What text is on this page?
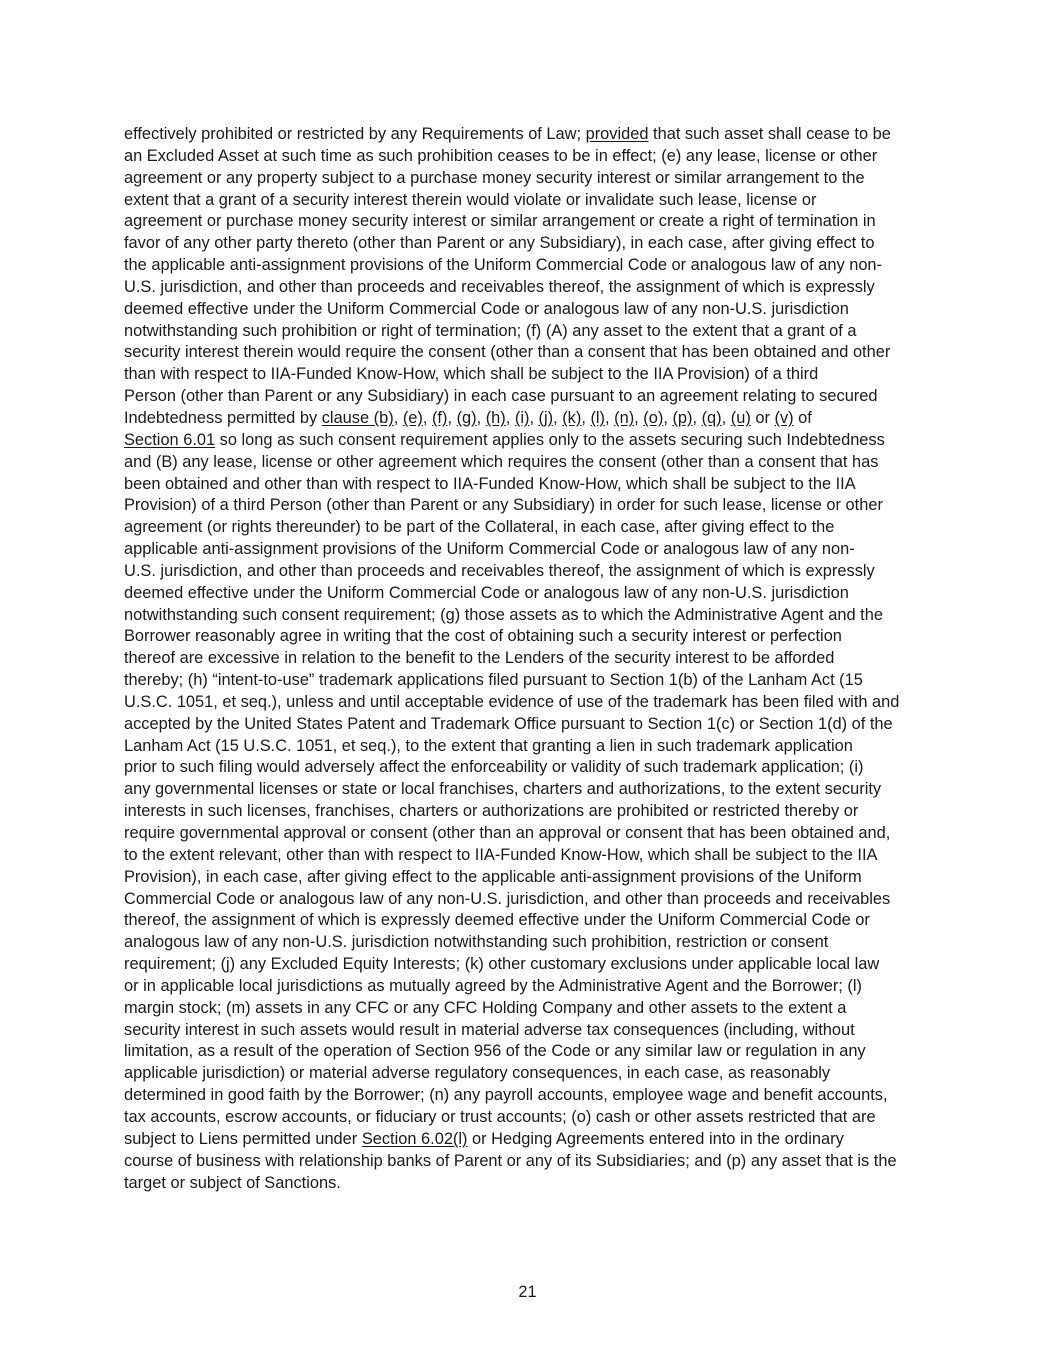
effectively prohibited or restricted by any Requirements of Law; provided that such asset shall cease to be
an Excluded Asset at such time as such prohibition ceases to be in effect; (e) any lease, license or other
agreement or any property subject to a purchase money security interest or similar arrangement to the
extent that a grant of a security interest therein would violate or invalidate such lease, license or
agreement or purchase money security interest or similar arrangement or create a right of termination in
favor of any other party thereto (other than Parent or any Subsidiary), in each case, after giving effect to
the applicable anti-assignment provisions of the Uniform Commercial Code or analogous law of any non-
U.S. jurisdiction, and other than proceeds and receivables thereof, the assignment of which is expressly
deemed effective under the Uniform Commercial Code or analogous law of any non-U.S. jurisdiction
notwithstanding such prohibition or right of termination; (f) (A) any asset to the extent that a grant of a
security interest therein would require the consent (other than a consent that has been obtained and other
than with respect to IIA-Funded Know-How, which shall be subject to the IIA Provision) of a third
Person (other than Parent or any Subsidiary) in each case pursuant to an agreement relating to secured
Indebtedness permitted by clause (b), (e), (f), (g), (h), (i), (j), (k), (l), (n), (o), (p), (q), (u) or (v) of
Section 6.01 so long as such consent requirement applies only to the assets securing such Indebtedness
and (B) any lease, license or other agreement which requires the consent (other than a consent that has
been obtained and other than with respect to IIA-Funded Know-How, which shall be subject to the IIA
Provision) of a third Person (other than Parent or any Subsidiary) in order for such lease, license or other
agreement (or rights thereunder) to be part of the Collateral, in each case, after giving effect to the
applicable anti-assignment provisions of the Uniform Commercial Code or analogous law of any non-
U.S. jurisdiction, and other than proceeds and receivables thereof, the assignment of which is expressly
deemed effective under the Uniform Commercial Code or analogous law of any non-U.S. jurisdiction
notwithstanding such consent requirement; (g) those assets as to which the Administrative Agent and the
Borrower reasonably agree in writing that the cost of obtaining such a security interest or perfection
thereof are excessive in relation to the benefit to the Lenders of the security interest to be afforded
thereby; (h) “intent-to-use” trademark applications filed pursuant to Section 1(b) of the Lanham Act (15
U.S.C. 1051, et seq.), unless and until acceptable evidence of use of the trademark has been filed with and
accepted by the United States Patent and Trademark Office pursuant to Section 1(c) or Section 1(d) of the
Lanham Act (15 U.S.C. 1051, et seq.), to the extent that granting a lien in such trademark application
prior to such filing would adversely affect the enforceability or validity of such trademark application; (i)
any governmental licenses or state or local franchises, charters and authorizations, to the extent security
interests in such licenses, franchises, charters or authorizations are prohibited or restricted thereby or
require governmental approval or consent (other than an approval or consent that has been obtained and,
to the extent relevant, other than with respect to IIA-Funded Know-How, which shall be subject to the IIA
Provision), in each case, after giving effect to the applicable anti-assignment provisions of the Uniform
Commercial Code or analogous law of any non-U.S. jurisdiction, and other than proceeds and receivables
thereof, the assignment of which is expressly deemed effective under the Uniform Commercial Code or
analogous law of any non-U.S. jurisdiction notwithstanding such prohibition, restriction or consent
requirement; (j) any Excluded Equity Interests; (k) other customary exclusions under applicable local law
or in applicable local jurisdictions as mutually agreed by the Administrative Agent and the Borrower; (l)
margin stock; (m) assets in any CFC or any CFC Holding Company and other assets to the extent a
security interest in such assets would result in material adverse tax consequences (including, without
limitation, as a result of the operation of Section 956 of the Code or any similar law or regulation in any
applicable jurisdiction) or material adverse regulatory consequences, in each case, as reasonably
determined in good faith by the Borrower; (n) any payroll accounts, employee wage and benefit accounts,
tax accounts, escrow accounts, or fiduciary or trust accounts; (o) cash or other assets restricted that are
subject to Liens permitted under Section 6.02(l) or Hedging Agreements entered into in the ordinary
course of business with relationship banks of Parent or any of its Subsidiaries; and (p) any asset that is the
target or subject of Sanctions.
21
